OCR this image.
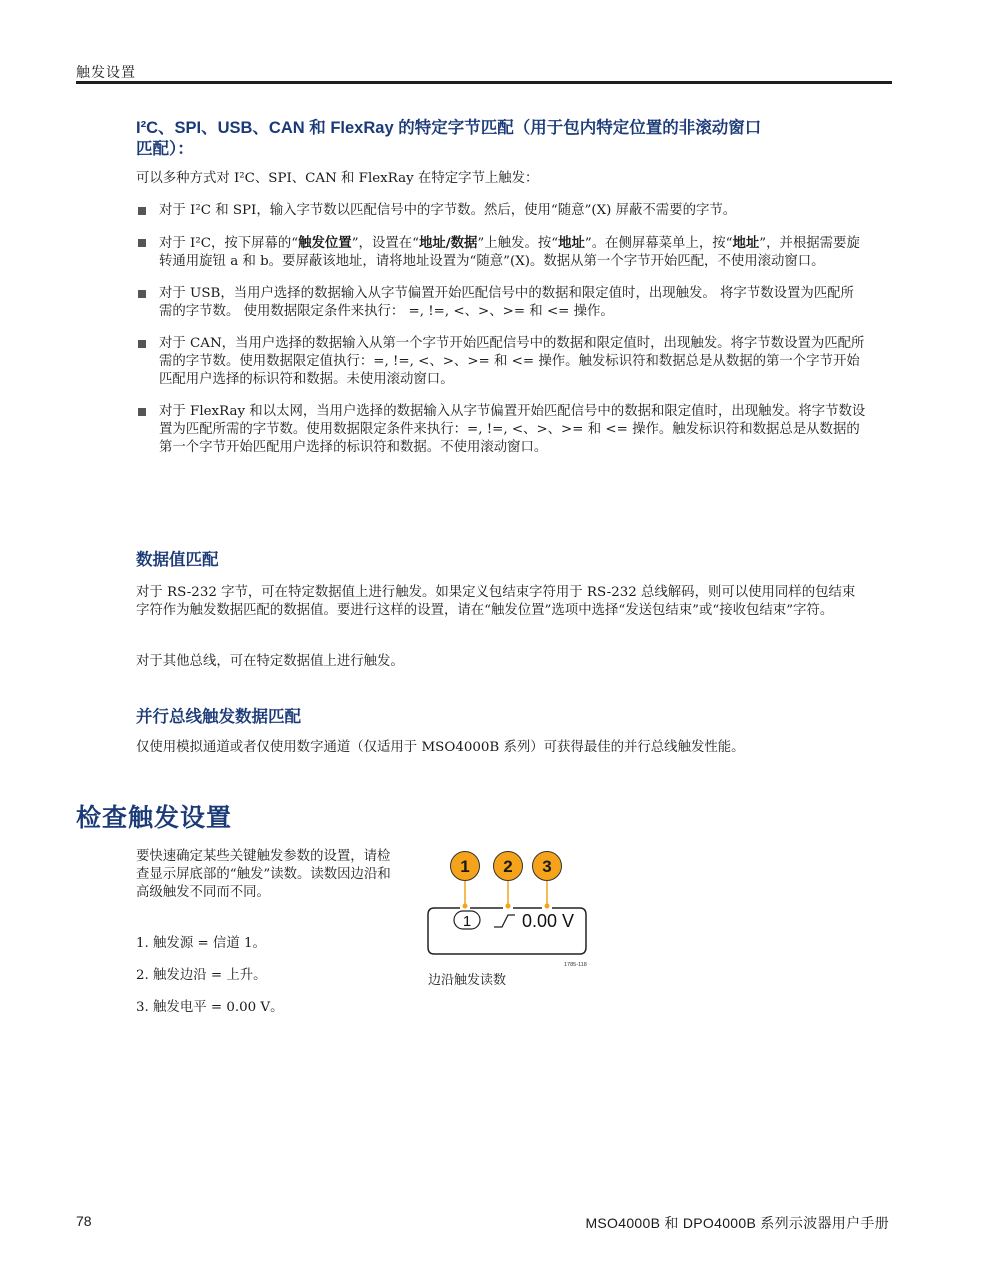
触发设置
I²C、SPI、USB、CAN 和 FlexRay 的特定字节匹配（用于包内特定位置的非滚动窗口
匹配）：
可以多种方式对 I²C、SPI、CAN 和 FlexRay 在特定字节上触发：
对于 I²C 和 SPI，输入字节数以匹配信号中的字节数。然后，使用“随意”(X) 屏蔽不需要的字节。
对于 I²C，按下屏幕的“触发位置”，设置在“地址/数据”上触发。按“地址”。在侧屏幕菜单上，按“地址”，并根据需要旋转通用旋钮 a 和 b。要屏蔽该地址，请将地址设置为“随意”(X)。数据从第一个字节开始匹配，不使用滚动窗口。
对于 USB，当用户选择的数据输入从字节偏置开始匹配信号中的数据和限定值时，出现触发。 将字节数设置为匹配所需的字节数。 使用数据限定条件来执行： =, !=, <、>、>= 和 <= 操作。
对于 CAN，当用户选择的数据输入从第一个字节开始匹配信号中的数据和限定值时，出现触发。将字节数设置为匹配所需的字节数。使用数据限定值执行：=, !=, <、>、>= 和 <= 操作。触发标识符和数据总是从数据的第一个字节开始匹配用户选择的标识符和数据。未使用滚动窗口。
对于 FlexRay 和以太网，当用户选择的数据输入从字节偏置开始匹配信号中的数据和限定值时，出现触发。将字节数设置为匹配所需的字节数。使用数据限定条件来执行：=, !=, <、>、>= 和 <= 操作。触发标识符和数据总是从数据的第一个字节开始匹配用户选择的标识符和数据。不使用滚动窗口。
数据值匹配
对于 RS-232 字节，可在特定数据值上进行触发。如果定义包结束字符用于 RS-232 总线解码，则可以使用同样的包结束字符作为触发数据匹配的数据值。要进行这样的设置，请在“触发位置”选项中选择“发送包结束”或“接收包结束”字符。
对于其他总线，可在特定数据值上进行触发。
并行总线触发数据匹配
仅使用模拟通道或者仅使用数字通道（仅适用于 MSO4000B 系列）可获得最佳的并行总线触发性能。
检查触发设置
要快速确定某些关键触发参数的设置，请检查显示屏底部的“触发”读数。读数因边沿和高级触发不同而不同。
1. 触发源 = 信道 1。
2. 触发边沿 = 上升。
3. 触发电平 = 0.00 V。
1 2 3
1	0.00 V
1785-118
边沿触发读数
78	MSO4000B 和 DPO4000B 系列示波器用户手册
